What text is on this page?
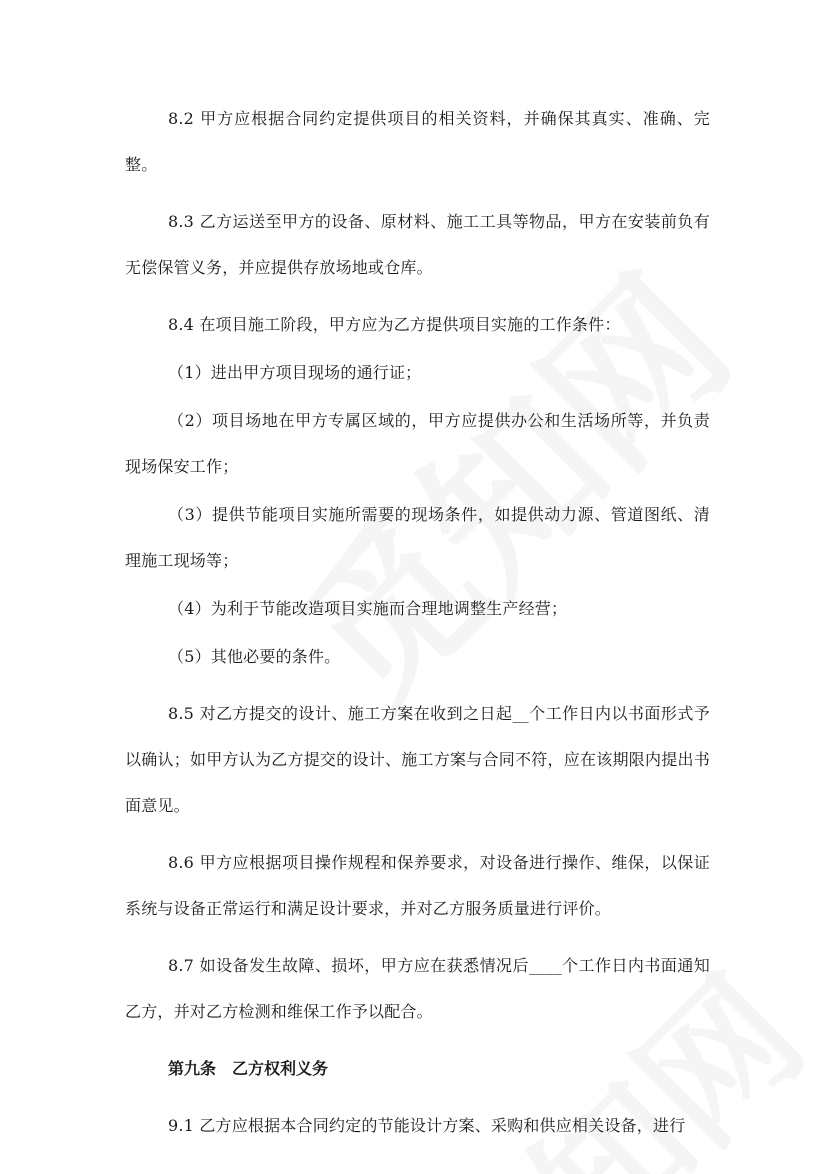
8.2 甲方应根据合同约定提供项目的相关资料，并确保其真实、准确、完整。

8.3 乙方运送至甲方的设备、原材料、施工工具等物品，甲方在安装前负有无偿保管义务，并应提供存放场地或仓库。

8.4 在项目施工阶段，甲方应为乙方提供项目实施的工作条件：

（1）进出甲方项目现场的通行证；

（2）项目场地在甲方专属区域的，甲方应提供办公和生活场所等，并负责现场保安工作；

（3）提供节能项目实施所需要的现场条件，如提供动力源、管道图纸、清理施工现场等；

（4）为利于节能改造项目实施而合理地调整生产经营；

（5）其他必要的条件。

8.5 对乙方提交的设计、施工方案在收到之日起__个工作日内以书面形式予以确认；如甲方认为乙方提交的设计、施工方案与合同不符，应在该期限内提出书面意见。

8.6 甲方应根据项目操作规程和保养要求，对设备进行操作、维保，以保证系统与设备正常运行和满足设计要求，并对乙方服务质量进行评价。

8.7 如设备发生故障、损坏，甲方应在获悉情况后____个工作日内书面通知乙方，并对乙方检测和维保工作予以配合。

第九条　乙方权利义务

9.1 乙方应根据本合同约定的节能设计方案、采购和供应相关设备，进行
